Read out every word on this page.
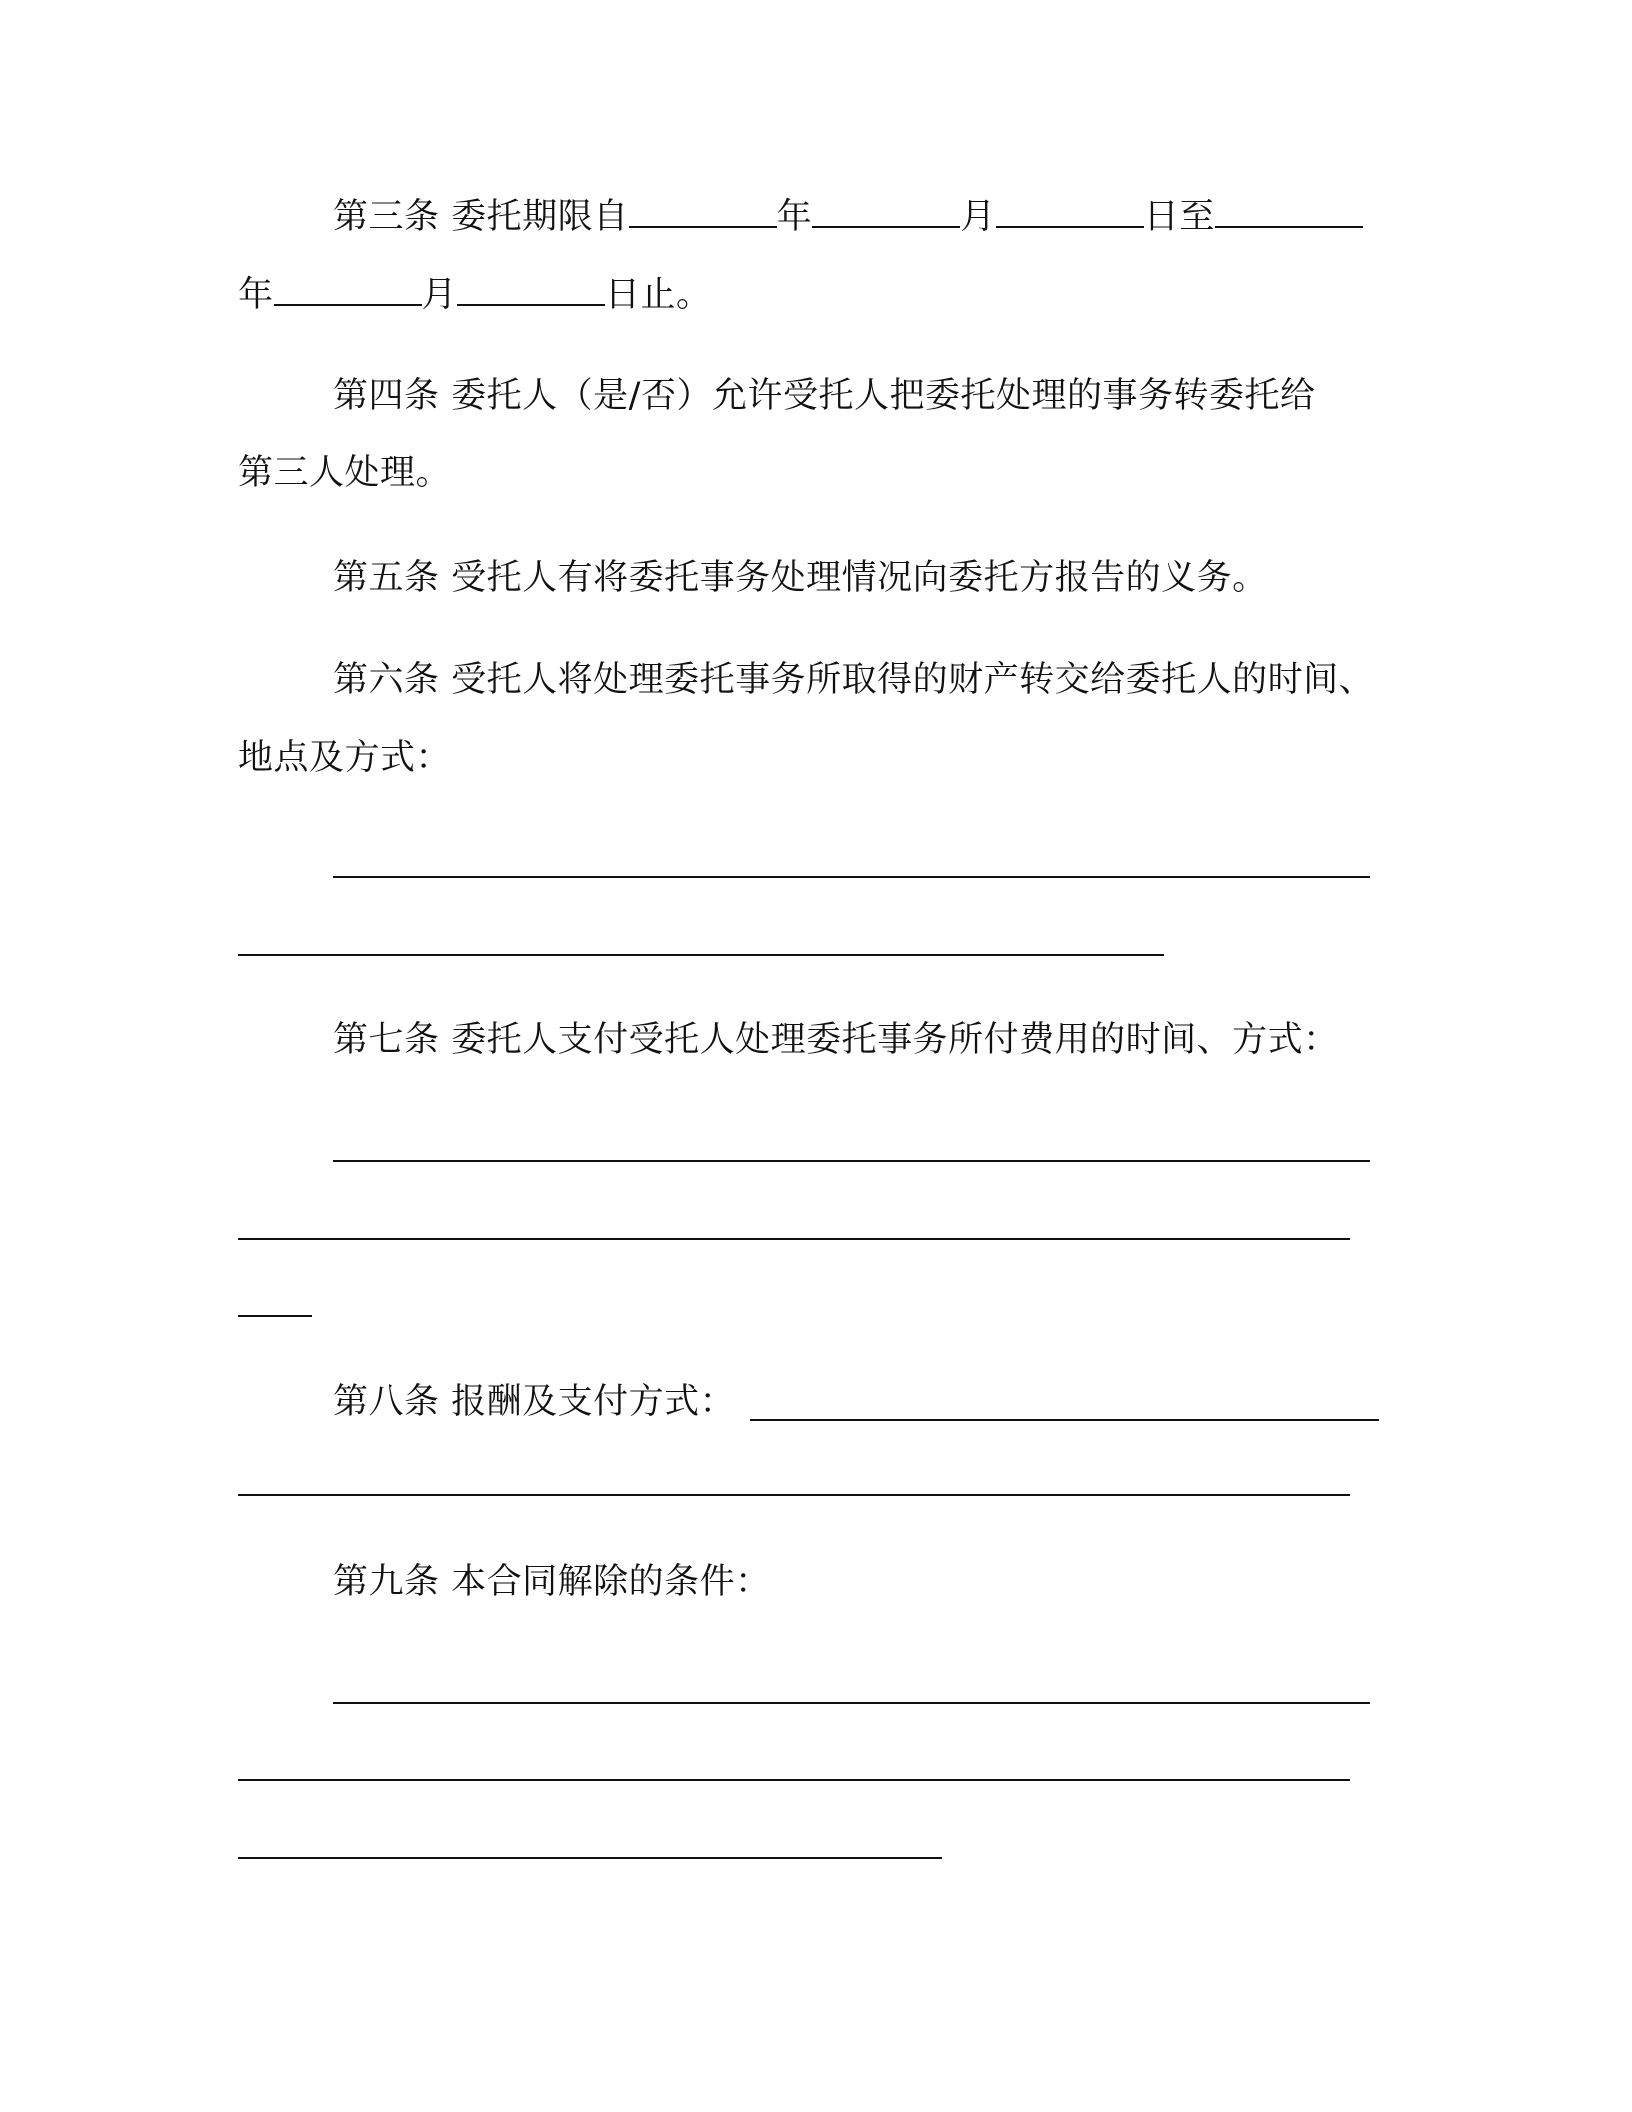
第三条 委托期限自	年	月	日至
年	月	日止。
第四条 委托人（是/否）允许受托人把委托处理的事务转委托给
第三人处理。
第五条 受托人有将委托事务处理情况向委托方报告的义务。
第六条 受托人将处理委托事务所取得的财产转交给委托人的时间、
地点及方式：
第七条 委托人支付受托人处理委托事务所付费用的时间、方式：
第八条 报酬及支付方式：
第九条 本合同解除的条件：
